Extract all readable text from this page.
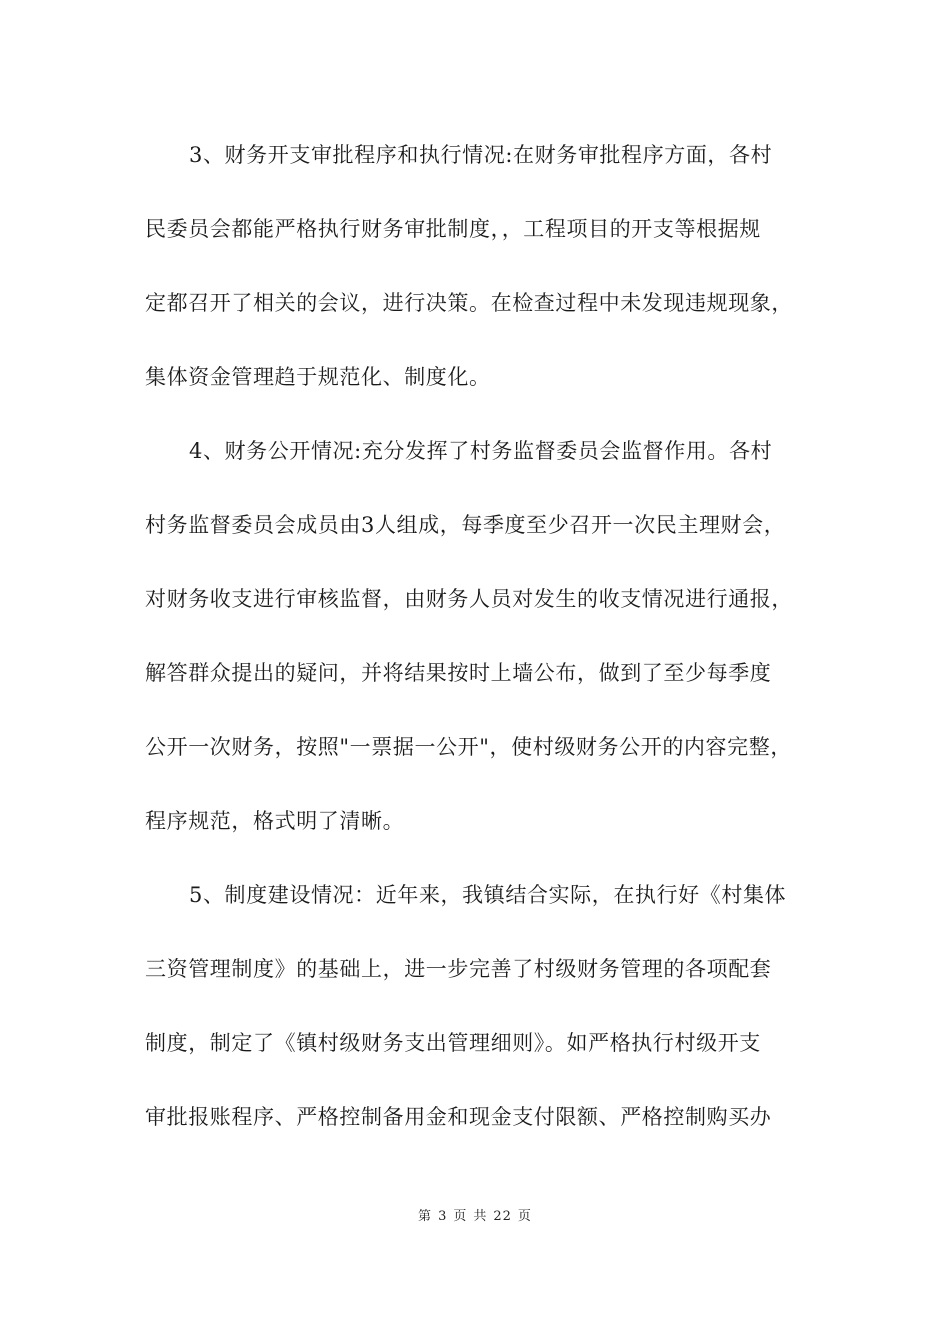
3、财务开支审批程序和执行情况:在财务审批程序方面，各村
民委员会都能严格执行财务审批制度，，工程项目的开支等根据规
定都召开了相关的会议，进行决策。在检查过程中未发现违规现象，
集体资金管理趋于规范化、制度化。
4、财务公开情况:充分发挥了村务监督委员会监督作用。各村
村务监督委员会成员由3人组成，每季度至少召开一次民主理财会，
对财务收支进行审核监督，由财务人员对发生的收支情况进行通报，
解答群众提出的疑问，并将结果按时上墙公布，做到了至少每季度
公开一次财务，按照"一票据一公开"，使村级财务公开的内容完整，
程序规范，格式明了清晰。
5、制度建设情况：近年来，我镇结合实际，在执行好《村集体
三资管理制度》的基础上，进一步完善了村级财务管理的各项配套
制度，制定了《镇村级财务支出管理细则》。如严格执行村级开支
审批报账程序、严格控制备用金和现金支付限额、严格控制购买办
第 3 页 共 22 页
